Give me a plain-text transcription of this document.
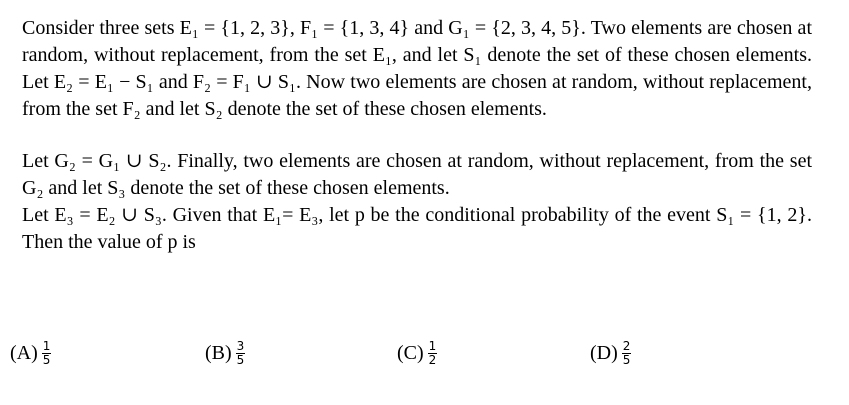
Consider three sets E₁ = {1, 2, 3}, F₁ = {1, 3, 4} and G₁ = {2, 3, 4, 5}. Two elements are chosen at random, without replacement, from the set E₁, and let S₁ denote the set of these chosen elements. Let E₂ = E₁ − S₁ and F₂ = F₁ ∪ S₁. Now two elements are chosen at random, without replacement, from the set F₂ and let S₂ denote the set of these chosen elements.

Let G₂ = G₁ ∪ S₂. Finally, two elements are chosen at random, without replacement, from the set G₂ and let S₃ denote the set of these chosen elements.

Let E₃ = E₂ ∪ S₃. Given that E₁= E₃, let p be the conditional probability of the event S₁ = {1, 2}. Then the value of p is

$(A) \frac{1}{5}$	$(B) \frac{3}{5}$	$(C) \frac{1}{2}$	$(D) \frac{2}{5}$
